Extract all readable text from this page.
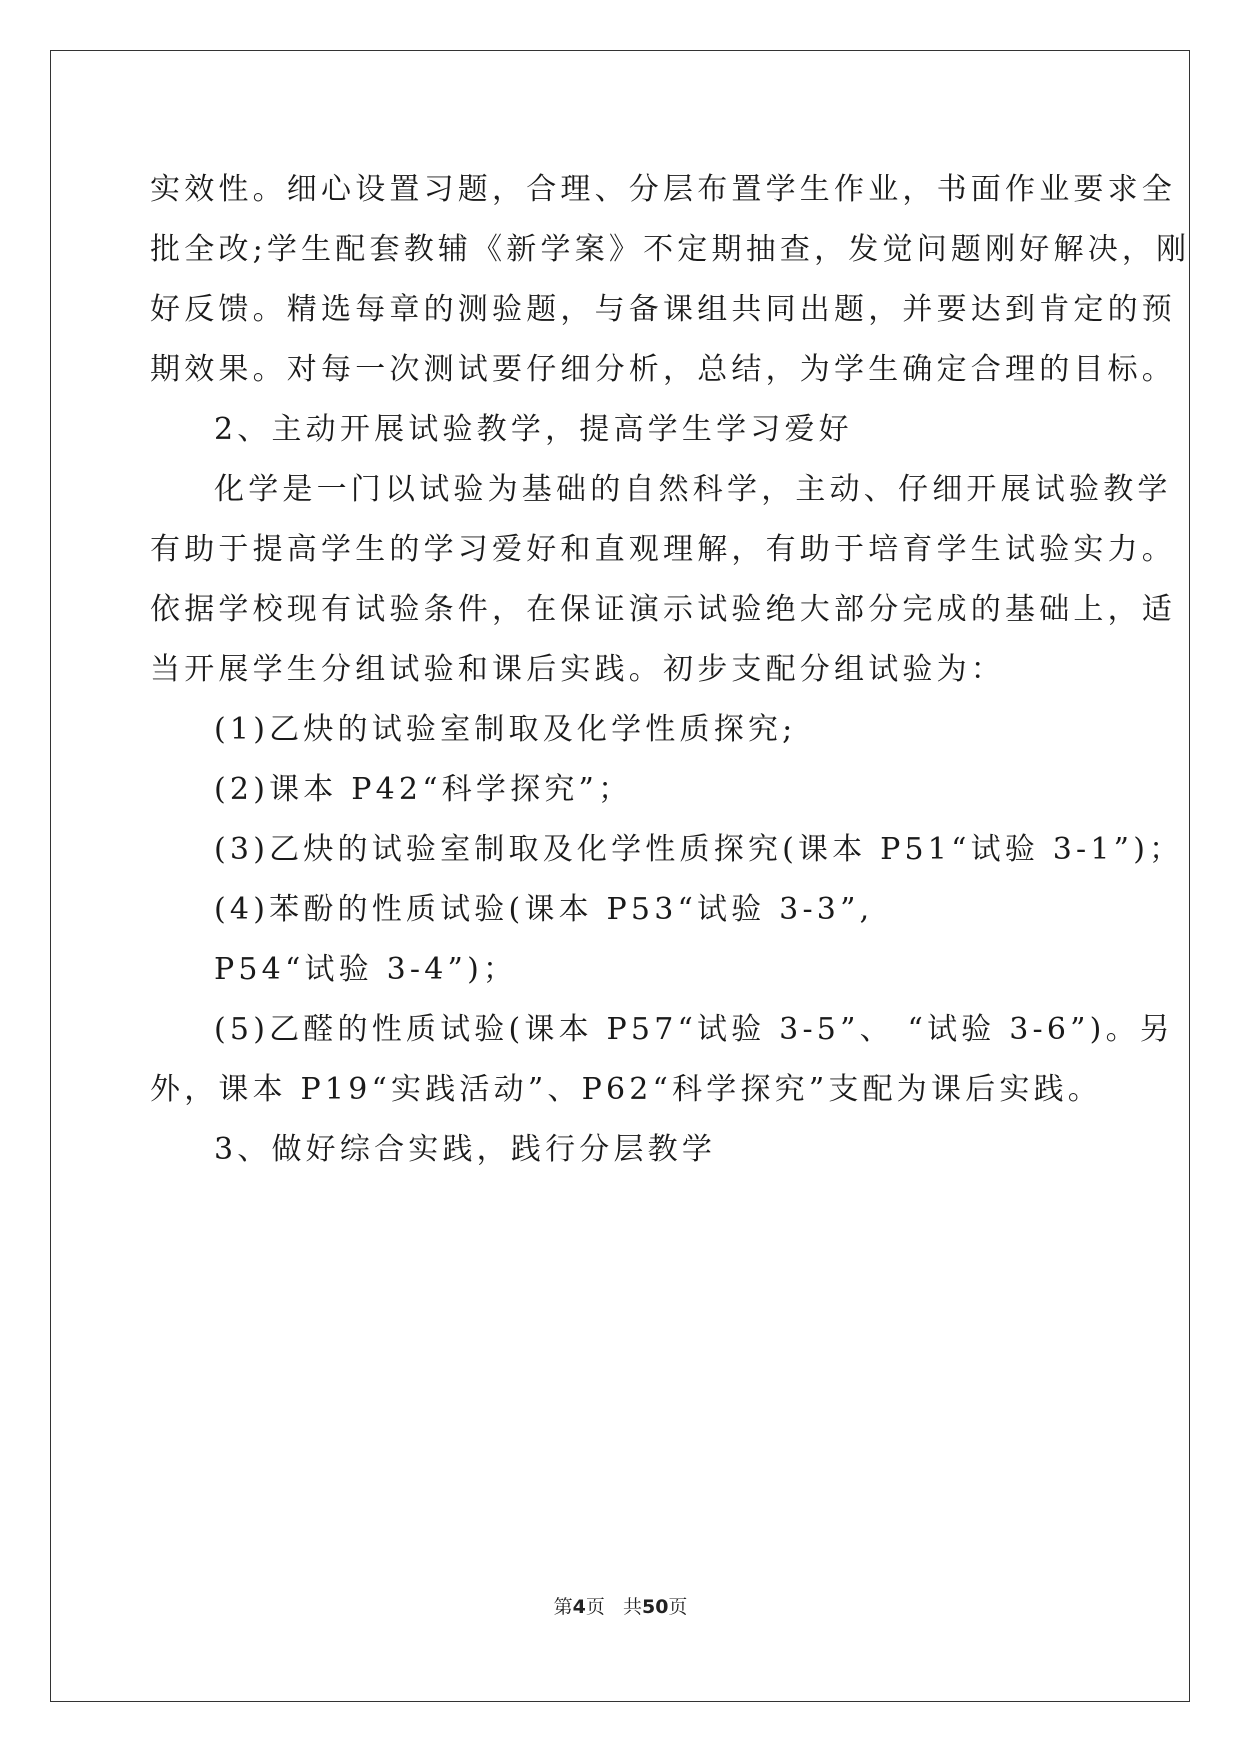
实效性。细心设置习题，合理、分层布置学生作业，书面作业要求全
批全改;学生配套教辅《新学案》不定期抽查，发觉问题刚好解决，刚
好反馈。精选每章的测验题，与备课组共同出题，并要达到肯定的预
期效果。对每一次测试要仔细分析，总结，为学生确定合理的目标。
2、主动开展试验教学，提高学生学习爱好
化学是一门以试验为基础的自然科学，主动、仔细开展试验教学
有助于提高学生的学习爱好和直观理解，有助于培育学生试验实力。
依据学校现有试验条件，在保证演示试验绝大部分完成的基础上，适
当开展学生分组试验和课后实践。初步支配分组试验为：
(1)乙炔的试验室制取及化学性质探究;
(2)课本 P42“科学探究”；
(3)乙炔的试验室制取及化学性质探究(课本 P51“试验 3-1”)；
(4)苯酚的性质试验(课本 P53“试验 3-3”,
P54“试验 3-4”)；
(5)乙醛的性质试验(课本 P57“试验 3-5”、 “试验 3-6”)。另
外，课本 P19“实践活动”、P62“科学探究”支配为课后实践。
3、做好综合实践，践行分层教学
第4页 共50页
